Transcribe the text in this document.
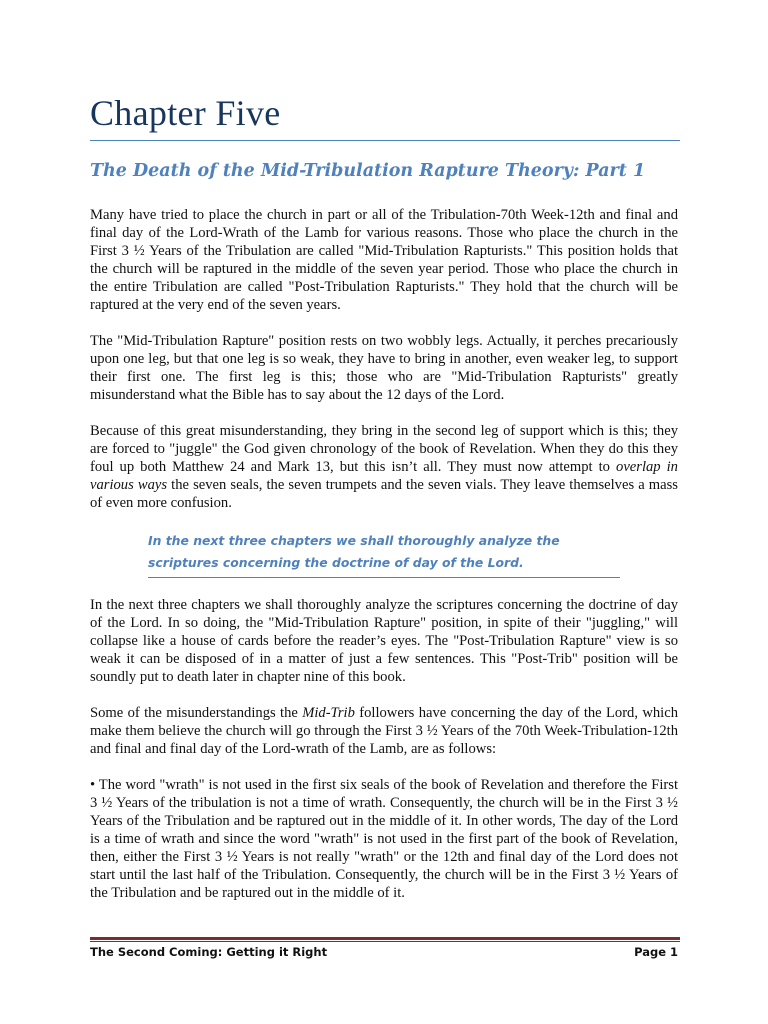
Chapter Five
The Death of the Mid-Tribulation Rapture Theory: Part 1

Many have tried to place the church in part or all of the Tribulation-70th Week-12th and final and final day of the Lord-Wrath of the Lamb for various reasons. Those who place the church in the First 3 ½ Years of the Tribulation are called "Mid-Tribulation Rapturists." This position holds that the church will be raptured in the middle of the seven year period. Those who place the church in the entire Tribulation are called "Post-Tribulation Rapturists." They hold that the church will be raptured at the very end of the seven years.

The "Mid-Tribulation Rapture" position rests on two wobbly legs. Actually, it perches precariously upon one leg, but that one leg is so weak, they have to bring in another, even weaker leg, to support their first one. The first leg is this; those who are "Mid-Tribulation Rapturists" greatly misunderstand what the Bible has to say about the 12 days of the Lord.

Because of this great misunderstanding, they bring in the second leg of support which is this; they are forced to "juggle" the God given chronology of the book of Revelation. When they do this they foul up both Matthew 24 and Mark 13, but this isn’t all. They must now attempt to overlap in various ways the seven seals, the seven trumpets and the seven vials. They leave themselves a mass of even more confusion.

In the next three chapters we shall thoroughly analyze the scriptures concerning the doctrine of day of the Lord.

In the next three chapters we shall thoroughly analyze the scriptures concerning the doctrine of day of the Lord. In so doing, the "Mid-Tribulation Rapture" position, in spite of their "juggling," will collapse like a house of cards before the reader’s eyes. The "Post-Tribulation Rapture" view is so weak it can be disposed of in a matter of just a few sentences. This "Post-Trib" position will be soundly put to death later in chapter nine of this book.

Some of the misunderstandings the Mid-Trib followers have concerning the day of the Lord, which make them believe the church will go through the First 3 ½ Years of the 70th Week-Tribulation-12th and final and final day of the Lord-wrath of the Lamb, are as follows:

• The word "wrath" is not used in the first six seals of the book of Revelation and therefore the First 3 ½ Years of the tribulation is not a time of wrath. Consequently, the church will be in the First 3 ½ Years of the Tribulation and be raptured out in the middle of it. In other words, The day of the Lord is a time of wrath and since the word "wrath" is not used in the first part of the book of Revelation, then, either the First 3 ½ Years is not really "wrath" or the 12th and final day of the Lord does not start until the last half of the Tribulation. Consequently, the church will be in the First 3 ½ Years of the Tribulation and be raptured out in the middle of it.

The Second Coming: Getting it Right	Page 1
